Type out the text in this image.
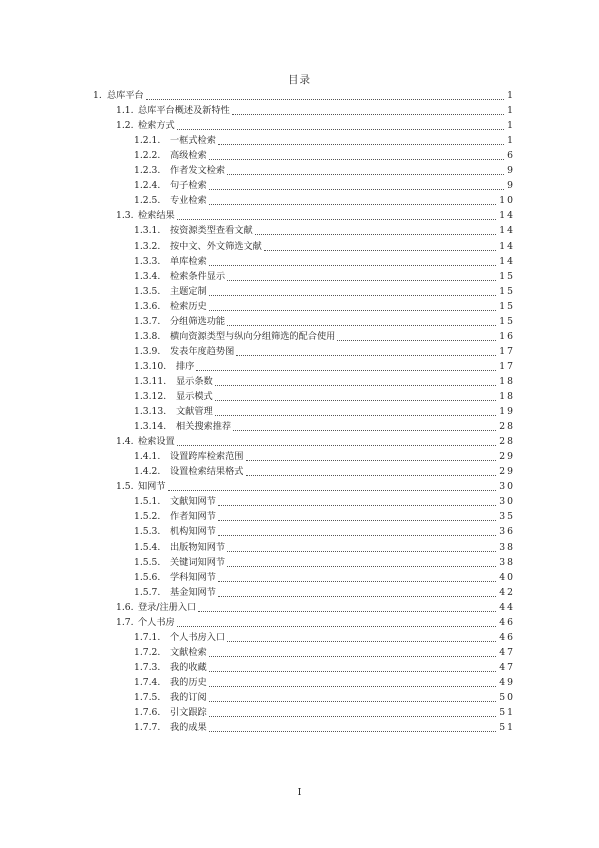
目录
1. 总库平台	1
1.1. 总库平台概述及新特性	1
1.2. 检索方式	1
1.2.1. 一框式检索	1
1.2.2. 高级检索	6
1.2.3. 作者发文检索	9
1.2.4. 句子检索	9
1.2.5. 专业检索	10
1.3. 检索结果	14
1.3.1. 按资源类型查看文献	14
1.3.2. 按中文、外文筛选文献	14
1.3.3. 单库检索	14
1.3.4. 检索条件显示	15
1.3.5. 主题定制	15
1.3.6. 检索历史	15
1.3.7. 分组筛选功能	15
1.3.8. 横向资源类型与纵向分组筛选的配合使用	16
1.3.9. 发表年度趋势图	17
1.3.10. 排序	17
1.3.11. 显示条数	18
1.3.12. 显示模式	18
1.3.13. 文献管理	19
1.3.14. 相关搜索推荐	28
1.4. 检索设置	28
1.4.1. 设置跨库检索范围	29
1.4.2. 设置检索结果格式	29
1.5. 知网节	30
1.5.1. 文献知网节	30
1.5.2. 作者知网节	35
1.5.3. 机构知网节	36
1.5.4. 出版物知网节	38
1.5.5. 关键词知网节	38
1.5.6. 学科知网节	40
1.5.7. 基金知网节	42
1.6. 登录/注册入口	44
1.7. 个人书房	46
1.7.1. 个人书房入口	46
1.7.2. 文献检索	47
1.7.3. 我的收藏	47
1.7.4. 我的历史	49
1.7.5. 我的订阅	50
1.7.6. 引文跟踪	51
1.7.7. 我的成果	51
I
